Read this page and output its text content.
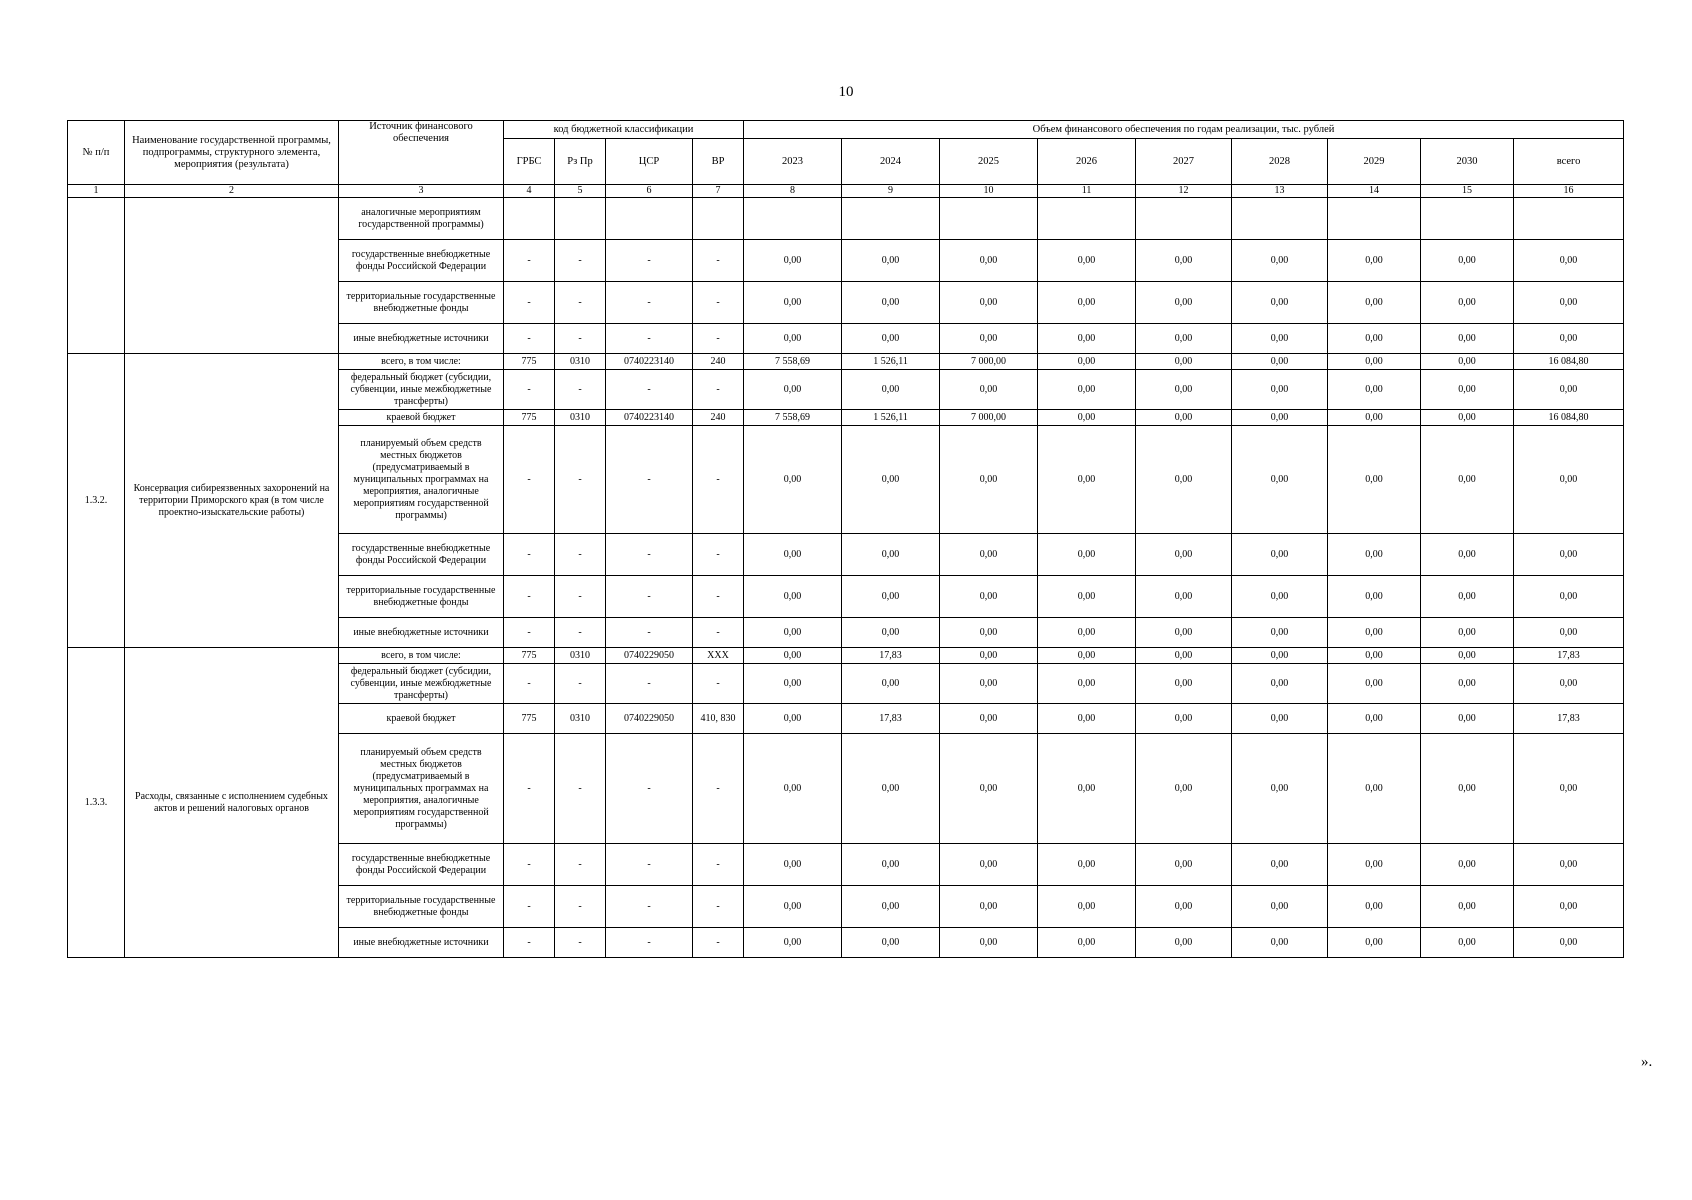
10
№ п/п	Наименование государственной программы, подпрограммы, структурного элемента, мероприятия (результата)	Источник финансового обеспечения	код бюджетной классификации				Объем финансового обеспечения по годам реализации, тыс. рублей								
			ГРБС	Рз Пр	ЦСР	ВР	2023	2024	2025	2026	2027	2028	2029	2030	всего
1	2	3	4	5	6	7	8	9	10	11	12	13	14	15	16
		аналогичные мероприятиям государственной программы)													
		государственные внебюджетные фонды Российской Федерации	-	-	-	-	0,00	0,00	0,00	0,00	0,00	0,00	0,00	0,00	0,00
		территориальные государственные внебюджетные фонды	-	-	-	-	0,00	0,00	0,00	0,00	0,00	0,00	0,00	0,00	0,00
		иные внебюджетные источники	-	-	-	-	0,00	0,00	0,00	0,00	0,00	0,00	0,00	0,00	0,00
1.3.2.	Консервация сибиреязвенных захоронений на территории Приморского края (в том числе проектно-изыскательские работы)	всего, в том числе:	775	0310	0740223140	240	7 558,69	1 526,11	7 000,00	0,00	0,00	0,00	0,00	0,00	16 084,80
		федеральный бюджет (субсидии, субвенции, иные межбюджетные трансферты)	-	-	-	-	0,00	0,00	0,00	0,00	0,00	0,00	0,00	0,00	0,00
		краевой бюджет	775	0310	0740223140	240	7 558,69	1 526,11	7 000,00	0,00	0,00	0,00	0,00	0,00	16 084,80
		планируемый объем средств местных бюджетов (предусматриваемый в муниципальных программах на мероприятия, аналогичные мероприятиям государственной программы)	-	-	-	-	0,00	0,00	0,00	0,00	0,00	0,00	0,00	0,00	0,00
		государственные внебюджетные фонды Российской Федерации	-	-	-	-	0,00	0,00	0,00	0,00	0,00	0,00	0,00	0,00	0,00
		территориальные государственные внебюджетные фонды	-	-	-	-	0,00	0,00	0,00	0,00	0,00	0,00	0,00	0,00	0,00
		иные внебюджетные источники	-	-	-	-	0,00	0,00	0,00	0,00	0,00	0,00	0,00	0,00	0,00
1.3.3.	Расходы, связанные с исполнением судебных актов и решений налоговых органов	всего, в том числе:	775	0310	0740229050	XXX	0,00	17,83	0,00	0,00	0,00	0,00	0,00	0,00	17,83
		федеральный бюджет (субсидии, субвенции, иные межбюджетные трансферты)	-	-	-	-	0,00	0,00	0,00	0,00	0,00	0,00	0,00	0,00	0,00
		краевой бюджет	775	0310	0740229050	410, 830	0,00	17,83	0,00	0,00	0,00	0,00	0,00	0,00	17,83
		планируемый объем средств местных бюджетов (предусматриваемый в муниципальных программах на мероприятия, аналогичные мероприятиям государственной программы)	-	-	-	-	0,00	0,00	0,00	0,00	0,00	0,00	0,00	0,00	0,00
		государственные внебюджетные фонды Российской Федерации	-	-	-	-	0,00	0,00	0,00	0,00	0,00	0,00	0,00	0,00	0,00
		территориальные государственные внебюджетные фонды	-	-	-	-	0,00	0,00	0,00	0,00	0,00	0,00	0,00	0,00	0,00
		иные внебюджетные источники	-	-	-	-	0,00	0,00	0,00	0,00	0,00	0,00	0,00	0,00	0,00
».
